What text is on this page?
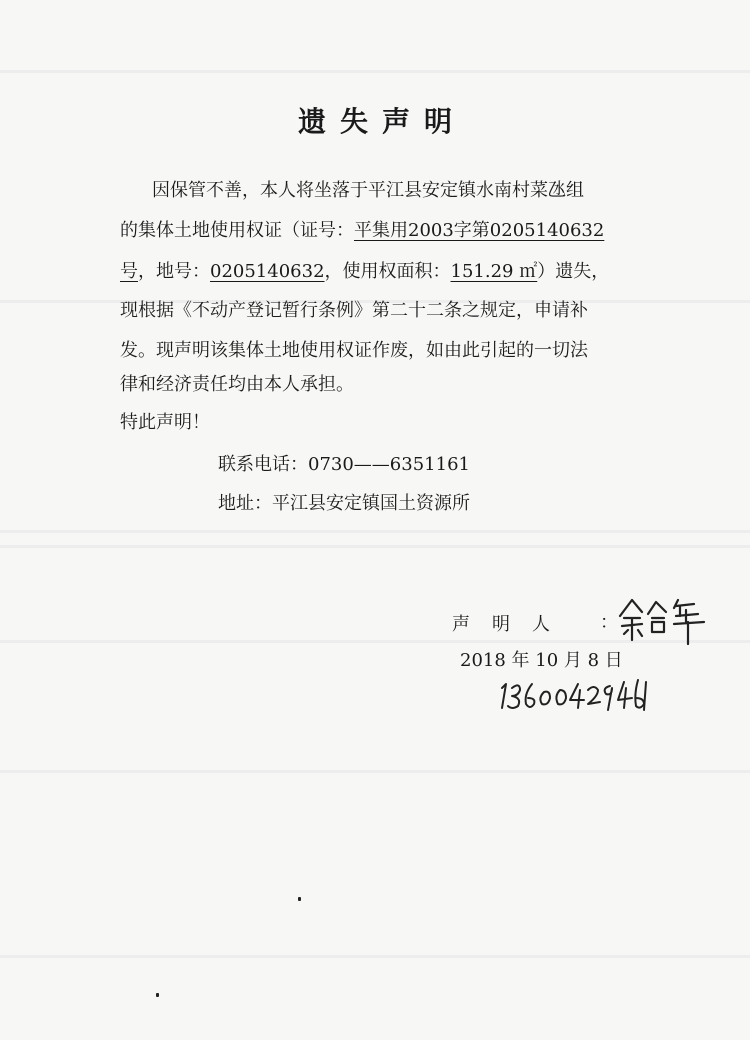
遗失声明
因保管不善，本人将坐落于平江县安定镇水南村菜氹组
的集体土地使用权证（证号：平集用2003字第0205140632
号，地号：0205140632，使用权面积：151.29 ㎡）遗失，
现根据《不动产登记暂行条例》第二十二条之规定，申请补
发。现声明该集体土地使用权证作废，如由此引起的一切法
律和经济责任均由本人承担。
特此声明！
联系电话：0730——6351161
地址：平江县安定镇国土资源所
声明人 ：
2018 年 10 月 8 日
